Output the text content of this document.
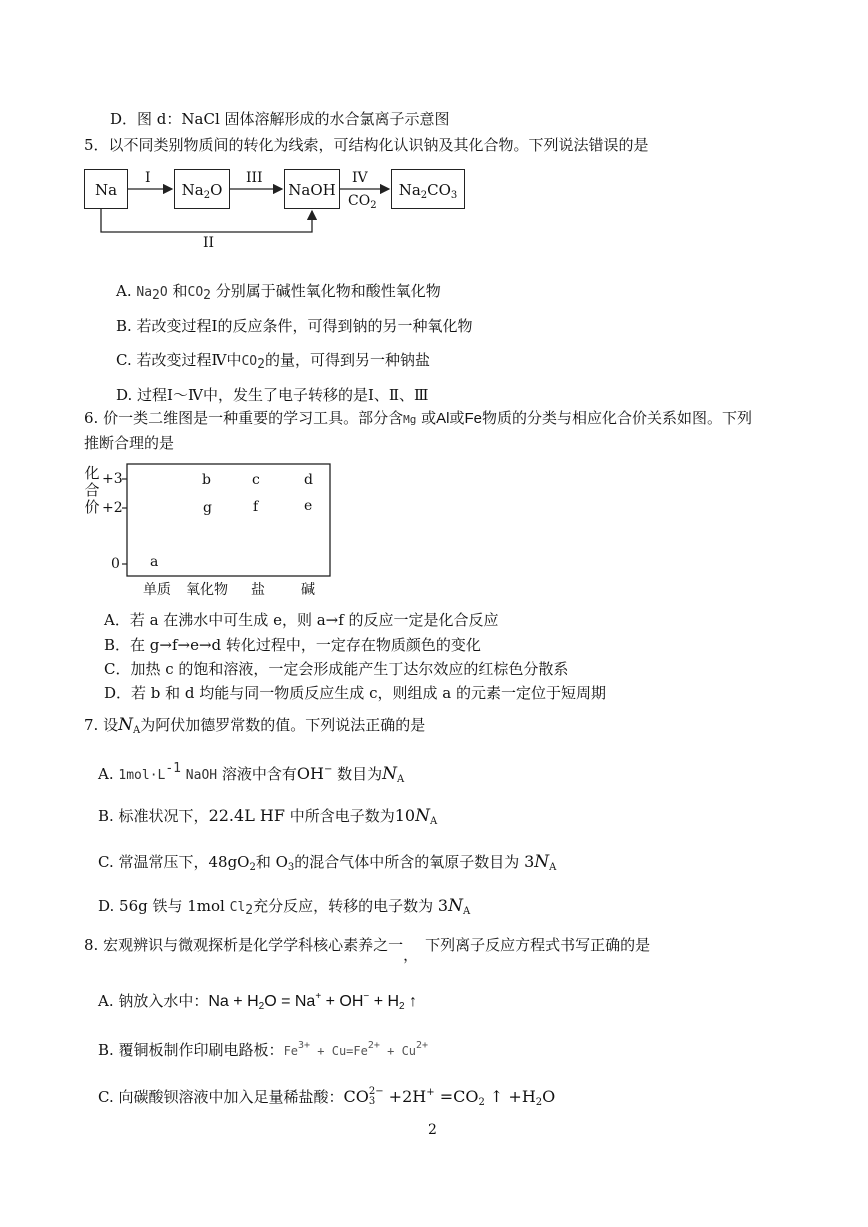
D．图 d：NaCl 固体溶解形成的水合氯离子示意图
5．以不同类别物质间的转化为线索，可结构化认识钠及其化合物。下列说法错误的是
Na	$Na_2O$	NaOH	$Na_2CO_3$
I	III	IV
$CO_2$
II
A. Na2O 和CO2 分别属于碱性氧化物和酸性氧化物
B. 若改变过程Ⅰ的反应条件，可得到钠的另一种氧化物
C. 若改变过程Ⅳ中CO2的量，可得到另一种钠盐
D. 过程Ⅰ～Ⅳ中，发生了电子转移的是Ⅰ、Ⅱ、Ⅲ
6. 价一类二维图是一种重要的学习工具。部分含Mg 或Al或Fe物质的分类与相应化合价关系如图。下列
推断合理的是
化合价
+3
+2
0 a
b	c	d
e
f
g
单质 氧化物 盐	碱
A．若 a 在沸水中可生成 e，则 a→f 的反应一定是化合反应
B．在 g→f→e→d 转化过程中，一定存在物质颜色的变化
C．加热 c 的饱和溶液，一定会形成能产生丁达尔效应的红棕色分散系
D．若 b 和 d 均能与同一物质反应生成 c，则组成 a 的元素一定位于短周期
7. 设$N_A$为阿伏加德罗常数的值。下列说法正确的是
A. 1mol·L-1 NaOH 溶液中含有OH− 数目为$N_A$
B. 标准状况下，22.4L HF 中所含电子数为$10N_A$
C. 常温常压下，$48gO_2$和 $O_3$的混合气体中所含的氧原子数目为 $3N_A$
D. 56g 铁与 1mol Cl2充分反应，转移的电子数为 $3N_A$
8. 宏观辨识与微观探析是化学学科核心素养之一，下列离子反应方程式书写正确的是
A. 钠放入水中：$Na + H_2O = Na^+ + OH^- + H_2$ ↑
B. 覆铜板制作印刷电路板：$Fe^{3+} + Cu=Fe^{2+} + Cu^{2+}$
C. 向碳酸钡溶液中加入足量稀盐酸：CO 2−
$3 +2H^+ =CO_2$ ↑ $+H_2O$
2
